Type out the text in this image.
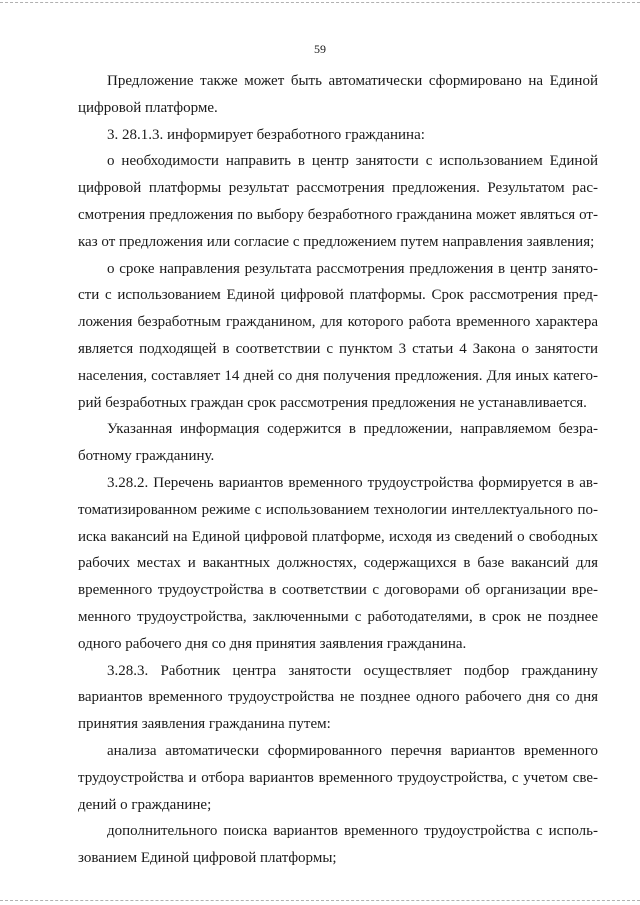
59

Предложение также может быть автоматически сформировано на Единой цифровой платформе.

3. 28.1.3. информирует безработного гражданина:

о необходимости направить в центр занятости с использованием Единой цифровой платформы результат рассмотрения предложения. Результатом рассмотрения предложения по выбору безработного гражданина может являться отказ от предложения или согласие с предложением путем направления заявления;

о сроке направления результата рассмотрения предложения в центр занятости с использованием Единой цифровой платформы. Срок рассмотрения предложения безработным гражданином, для которого работа временного характера является подходящей в соответствии с пунктом 3 статьи 4 Закона о занятости населения, составляет 14 дней со дня получения предложения. Для иных категорий безработных граждан срок рассмотрения предложения не устанавливается.

Указанная информация содержится в предложении, направляемом безработному гражданину.

3.28.2. Перечень вариантов временного трудоустройства формируется в автоматизированном режиме с использованием технологии интеллектуального поиска вакансий на Единой цифровой платформе, исходя из сведений о свободных рабочих местах и вакантных должностях, содержащихся в базе вакансий для временного трудоустройства в соответствии с договорами об организации временного трудоустройства, заключенными с работодателями, в срок не позднее одного рабочего дня со дня принятия заявления гражданина.

3.28.3. Работник центра занятости осуществляет подбор гражданину вариантов временного трудоустройства не позднее одного рабочего дня со дня принятия заявления гражданина путем:

анализа автоматически сформированного перечня вариантов временного трудоустройства и отбора вариантов временного трудоустройства, с учетом сведений о гражданине;

дополнительного поиска вариантов временного трудоустройства с использованием Единой цифровой платформы;
